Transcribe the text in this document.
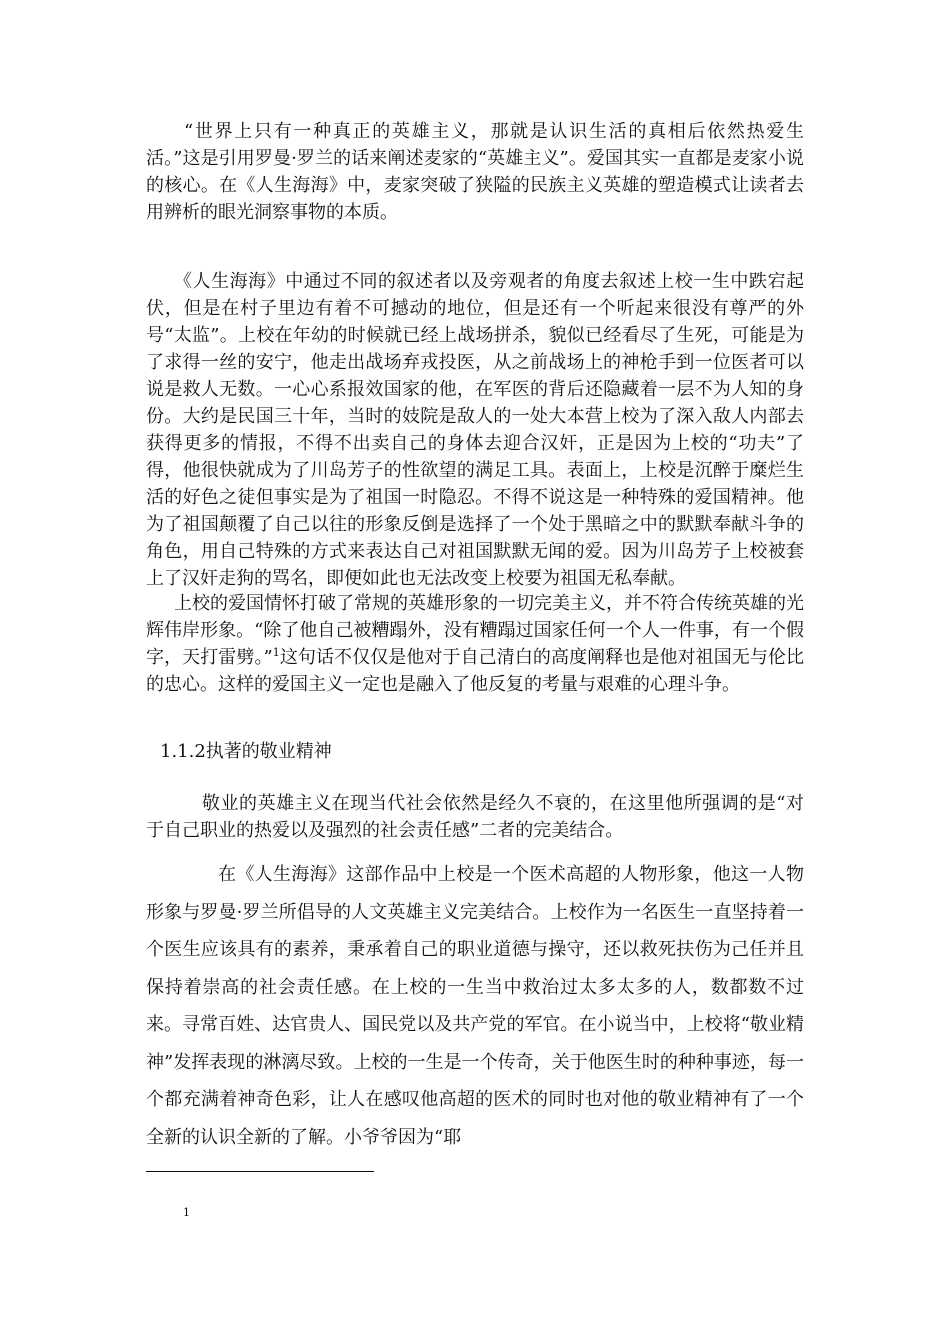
“世界上只有一种真正的英雄主义，那就是认识生活的真相后依然热爱生活。”这是引用罗曼·罗兰的话来阐述麦家的“英雄主义”。爱国其实一直都是麦家小说的核心。在《人生海海》中，麦家突破了狭隘的民族主义英雄的塑造模式让读者去用辨析的眼光洞察事物的本质。

《人生海海》中通过不同的叙述者以及旁观者的角度去叙述上校一生中跌宕起伏，但是在村子里边有着不可撼动的地位，但是还有一个听起来很没有尊严的外号“太监”。上校在年幼的时候就已经上战场拼杀，貌似已经看尽了生死，可能是为了求得一丝的安宁，他走出战场弃戎投医，从之前战场上的神枪手到一位医者可以说是救人无数。一心心系报效国家的他，在军医的背后还隐藏着一层不为人知的身份。大约是民国三十年，当时的妓院是敌人的一处大本营上校为了深入敌人内部去获得更多的情报，不得不出卖自己的身体去迎合汉奸，正是因为上校的“功夫”了得，他很快就成为了川岛芳子的性欲望的满足工具。表面上，上校是沉醉于糜烂生活的好色之徒但事实是为了祖国一时隐忍。不得不说这是一种特殊的爱国精神。他为了祖国颠覆了自己以往的形象反倒是选择了一个处于黑暗之中的默默奉献斗争的角色，用自己特殊的方式来表达自己对祖国默默无闻的爱。因为川岛芳子上校被套上了汉奸走狗的骂名，即便如此也无法改变上校要为祖国无私奉献。

上校的爱国情怀打破了常规的英雄形象的一切完美主义，并不符合传统英雄的光辉伟岸形象。“除了他自己被糟蹋外，没有糟蹋过国家任何一个人一件事，有一个假字，天打雷劈。”$^1$这句话不仅仅是他对于自己清白的高度阐释也是他对祖国无与伦比的忠心。这样的爱国主义一定也是融入了他反复的考量与艰难的心理斗争。

1.1.2执著的敬业精神

敬业的英雄主义在现当代社会依然是经久不衰的，在这里他所强调的是“对于自己职业的热爱以及强烈的社会责任感”二者的完美结合。

在《人生海海》这部作品中上校是一个医术高超的人物形象，他这一人物形象与罗曼·罗兰所倡导的人文英雄主义完美结合。上校作为一名医生一直坚持着一个医生应该具有的素养，秉承着自己的职业道德与操守，还以救死扶伤为己任并且保持着崇高的社会责任感。在上校的一生当中救治过太多太多的人，数都数不过来。寻常百姓、达官贵人、国民党以及共产党的军官。在小说当中，上校将“敬业精神”发挥表现的淋漓尽致。上校的一生是一个传奇，关于他医生时的种种事迹，每一个都充满着神奇色彩，让人在感叹他高超的医术的同时也对他的敬业精神有了一个全新的认识全新的了解。小爷爷因为“耶

1
